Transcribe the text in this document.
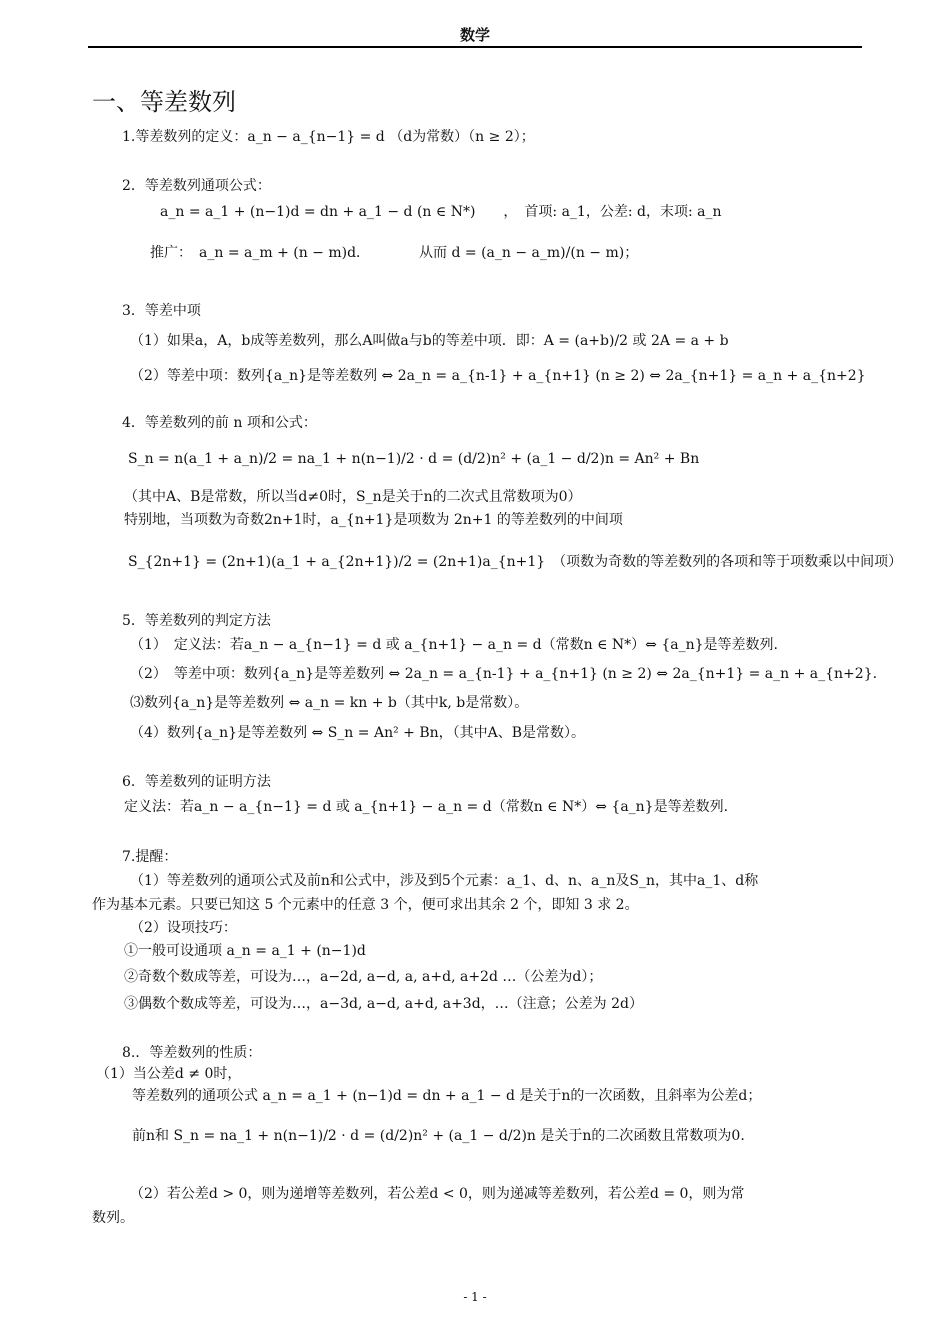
数学
一、等差数列
1.等差数列的定义：a_n − a_{n−1} = d （d为常数）（n ≥ 2）；
2．等差数列通项公式：
a_n = a_1 + (n−1)d = dn + a_1 − d (n ∈ N*)　　，　首项: a_1，公差: d，末项: a_n
推广：　a_n = a_m + (n − m)d．　　　　从而 d = (a_n − a_m)/(n − m)；
3．等差中项
（1）如果a，A，b成等差数列，那么A叫做a与b的等差中项．即：A = (a+b)/2 或 2A = a + b
（2）等差中项：数列{a_n}是等差数列 ⇔ 2a_n = a_{n-1} + a_{n+1} (n ≥ 2) ⇔ 2a_{n+1} = a_n + a_{n+2}
4．等差数列的前 n 项和公式：
S_n = n(a_1 + a_n)/2 = na_1 + n(n−1)/2 · d = (d/2)n² + (a_1 − d/2)n = An² + Bn
（其中A、B是常数，所以当d≠0时，S_n是关于n的二次式且常数项为0）
特别地，当项数为奇数2n+1时，a_{n+1}是项数为 2n+1 的等差数列的中间项
S_{2n+1} = (2n+1)(a_1 + a_{2n+1})/2 = (2n+1)a_{n+1}　（项数为奇数的等差数列的各项和等于项数乘以中间项）
5．等差数列的判定方法
（1）　定义法：若a_n − a_{n−1} = d 或 a_{n+1} − a_n = d（常数n ∈ N*）⇔ {a_n}是等差数列.
（2）　等差中项：数列{a_n}是等差数列 ⇔ 2a_n = a_{n-1} + a_{n+1} (n ≥ 2) ⇔ 2a_{n+1} = a_n + a_{n+2}.
⑶数列{a_n}是等差数列 ⇔ a_n = kn + b（其中k, b是常数）。
（4）数列{a_n}是等差数列 ⇔ S_n = An² + Bn，（其中A、B是常数）。
6．等差数列的证明方法
定义法：若a_n − a_{n−1} = d 或 a_{n+1} − a_n = d（常数n ∈ N*）⇔ {a_n}是等差数列.
7.提醒：
（1）等差数列的通项公式及前n和公式中，涉及到5个元素：a_1、d、n、a_n及S_n，其中a_1、d称
作为基本元素。只要已知这 5 个元素中的任意 3 个，便可求出其余 2 个，即知 3 求 2。
（2）设项技巧：
①一般可设通项 a_n = a_1 + (n−1)d
②奇数个数成等差，可设为…，a−2d, a−d, a, a+d, a+2d …（公差为d）；
③偶数个数成等差，可设为…，a−3d, a−d, a+d, a+3d，…（注意；公差为 2d）
8.．等差数列的性质：
（1）当公差d ≠ 0时，
等差数列的通项公式 a_n = a_1 + (n−1)d = dn + a_1 − d 是关于n的一次函数，且斜率为公差d；
前n和 S_n = na_1 + n(n−1)/2 · d = (d/2)n² + (a_1 − d/2)n 是关于n的二次函数且常数项为0.
（2）若公差d > 0，则为递增等差数列，若公差d < 0，则为递减等差数列，若公差d = 0，则为常
数列。
- 1 -
